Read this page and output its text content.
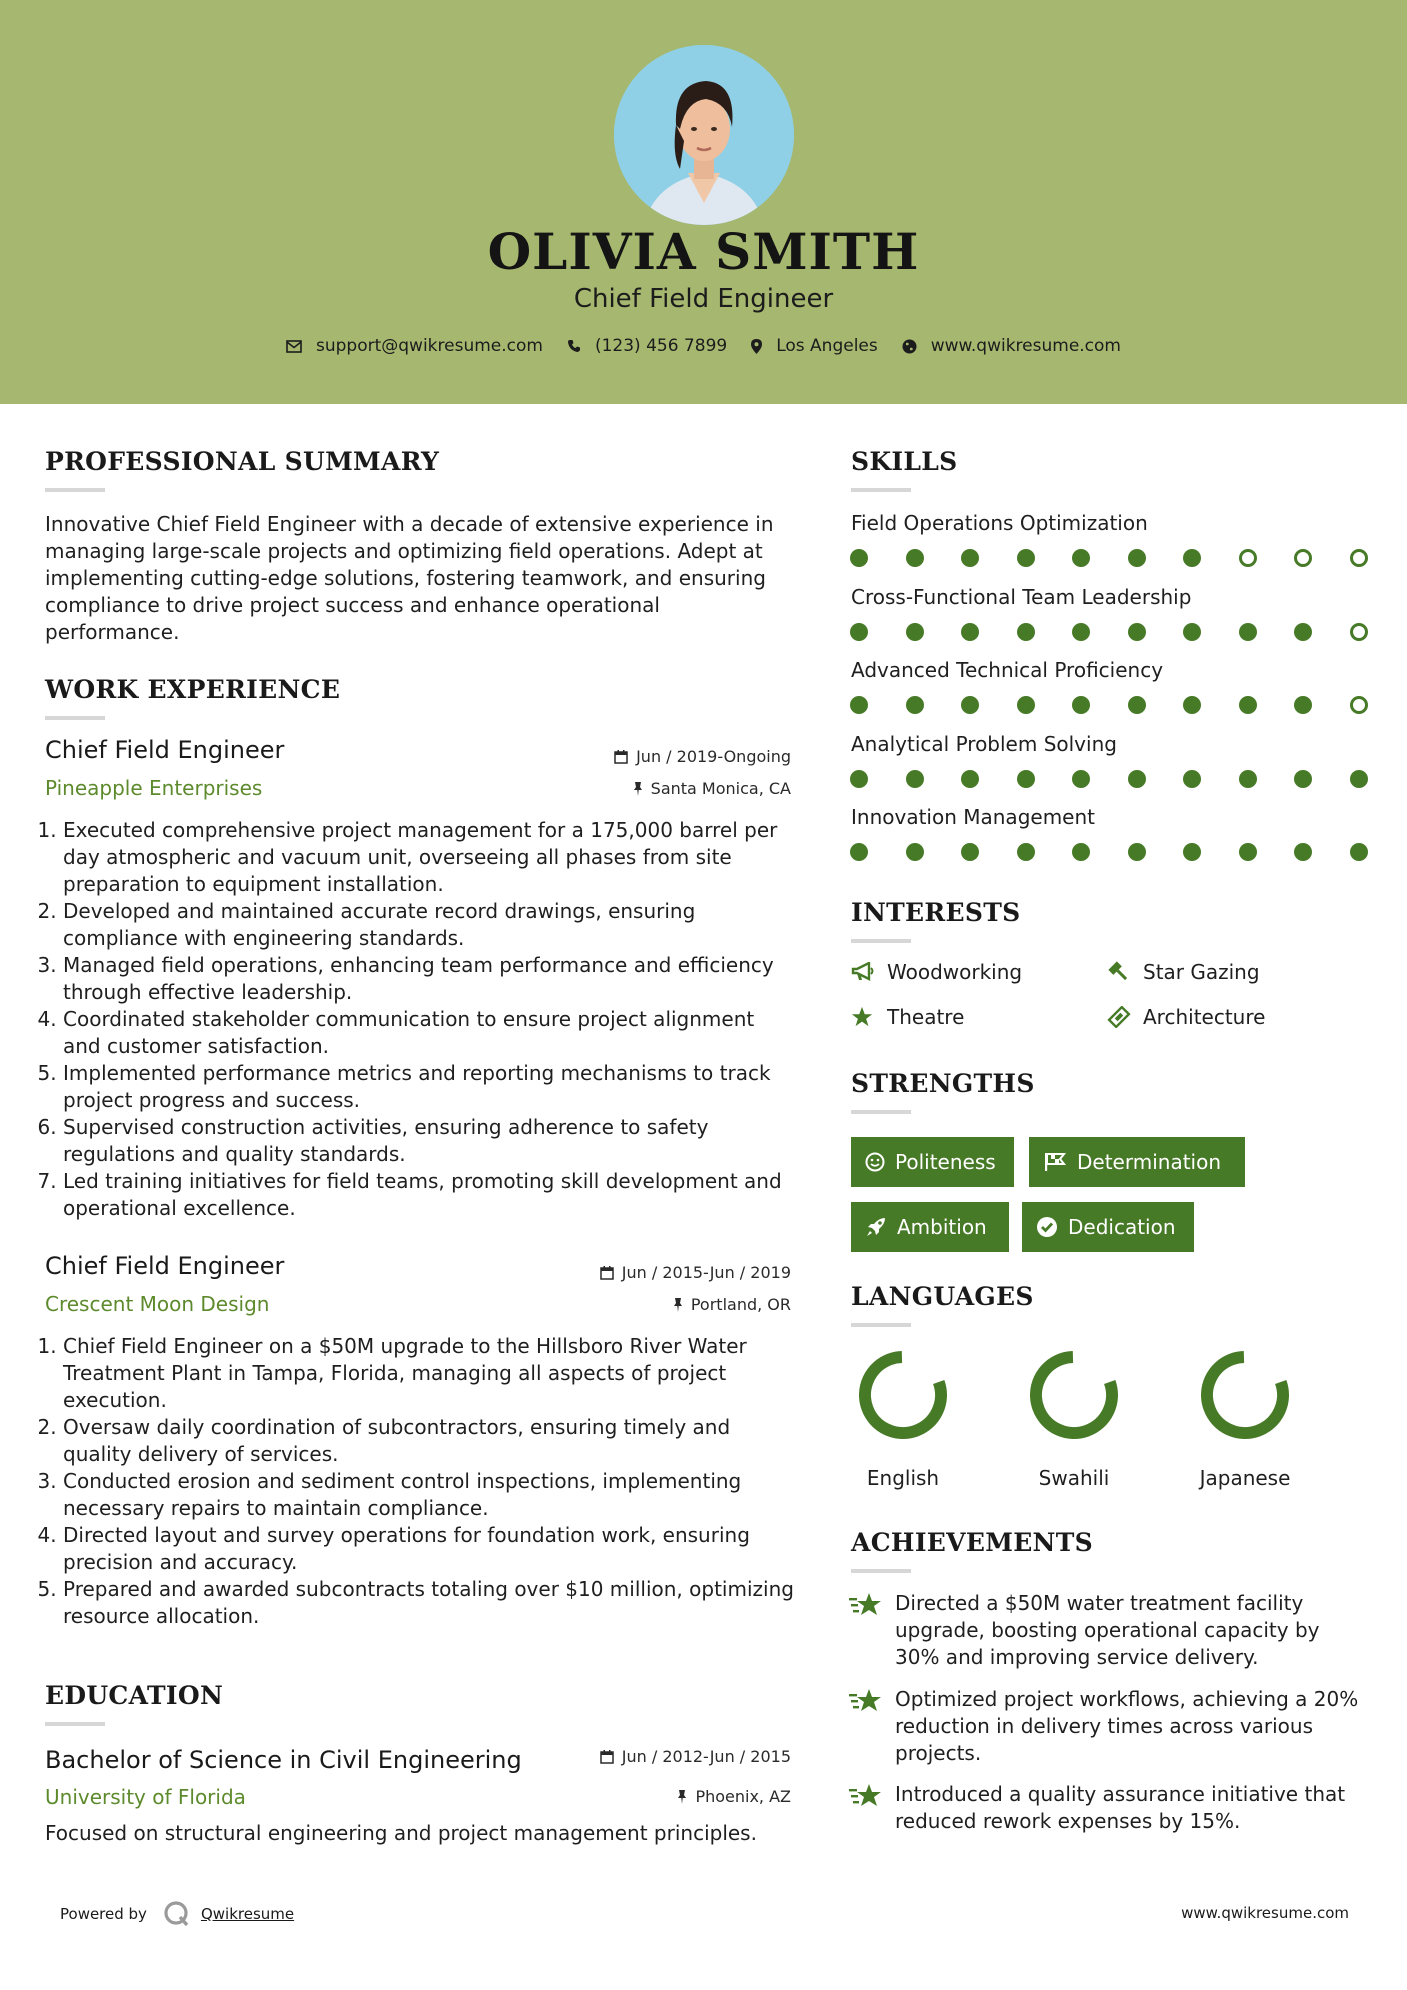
OLIVIA SMITH
Chief Field Engineer
support@qwikresume.com	(123) 456 7899	Los Angeles	www.qwikresume.com
PROFESSIONAL SUMMARY
Innovative Chief Field Engineer with a decade of extensive experience in managing large-scale projects and optimizing field operations. Adept at implementing cutting-edge solutions, fostering teamwork, and ensuring compliance to drive project success and enhance operational performance.
WORK EXPERIENCE
Chief Field Engineer	Jun / 2019-Ongoing
Pineapple Enterprises	Santa Monica, CA
1. Executed comprehensive project management for a 175,000 barrel per day atmospheric and vacuum unit, overseeing all phases from site preparation to equipment installation.
2. Developed and maintained accurate record drawings, ensuring compliance with engineering standards.
3. Managed field operations, enhancing team performance and efficiency through effective leadership.
4. Coordinated stakeholder communication to ensure project alignment and customer satisfaction.
5. Implemented performance metrics and reporting mechanisms to track project progress and success.
6. Supervised construction activities, ensuring adherence to safety regulations and quality standards.
7. Led training initiatives for field teams, promoting skill development and operational excellence.
Chief Field Engineer	Jun / 2015-Jun / 2019
Crescent Moon Design	Portland, OR
1. Chief Field Engineer on a $50M upgrade to the Hillsboro River Water Treatment Plant in Tampa, Florida, managing all aspects of project execution.
2. Oversaw daily coordination of subcontractors, ensuring timely and quality delivery of services.
3. Conducted erosion and sediment control inspections, implementing necessary repairs to maintain compliance.
4. Directed layout and survey operations for foundation work, ensuring precision and accuracy.
5. Prepared and awarded subcontracts totaling over $10 million, optimizing resource allocation.
EDUCATION
Bachelor of Science in Civil Engineering	Jun / 2012-Jun / 2015
University of Florida	Phoenix, AZ
Focused on structural engineering and project management principles.
SKILLS
Field Operations Optimization
Cross-Functional Team Leadership
Advanced Technical Proficiency
Analytical Problem Solving
Innovation Management
INTERESTS
Woodworking	Star Gazing
Theatre	Architecture
STRENGTHS
Politeness	Determination
Ambition	Dedication
LANGUAGES
English	Swahili	Japanese
ACHIEVEMENTS
Directed a $50M water treatment facility upgrade, boosting operational capacity by 30% and improving service delivery.
Optimized project workflows, achieving a 20% reduction in delivery times across various projects.
Introduced a quality assurance initiative that reduced rework expenses by 15%.
Powered by	Qwikresume	www.qwikresume.com
